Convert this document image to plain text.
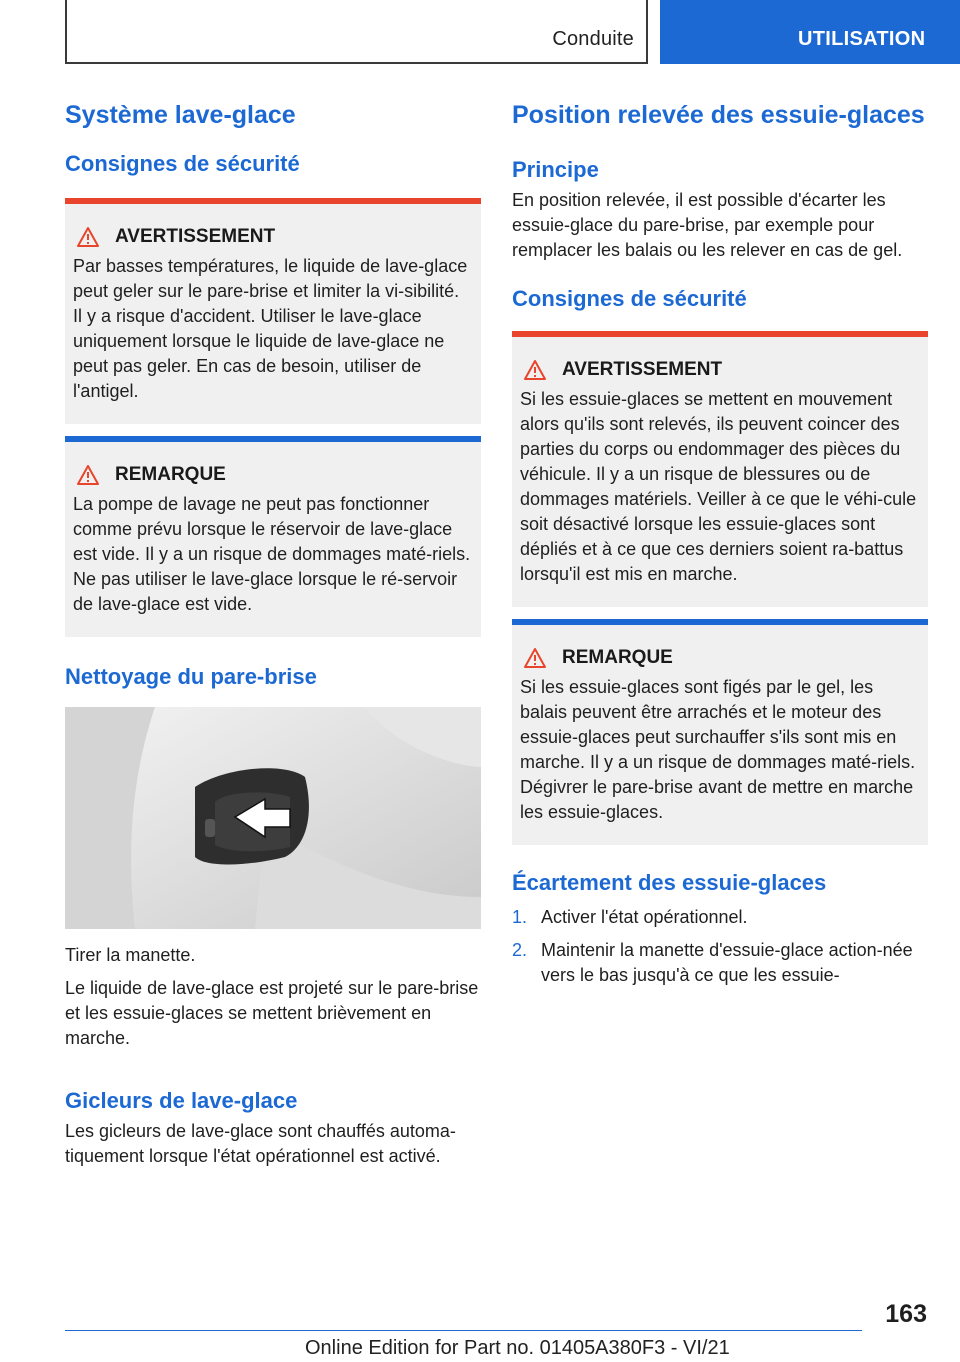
Conduite	UTILISATION
Système lave-glace
Consignes de sécurité
AVERTISSEMENT
Par basses températures, le liquide de lave-glace peut geler sur le pare-brise et limiter la vi-sibilité. Il y a risque d'accident. Utiliser le lave-glace uniquement lorsque le liquide de lave-glace ne peut pas geler. En cas de besoin, utiliser de l'antigel.
REMARQUE
La pompe de lavage ne peut pas fonctionner comme prévu lorsque le réservoir de lave-glace est vide. Il y a un risque de dommages maté-riels. Ne pas utiliser le lave-glace lorsque le ré-servoir de lave-glace est vide.
Nettoyage du pare-brise
Tirer la manette.
Le liquide de lave-glace est projeté sur le pare-brise et les essuie-glaces se mettent brièvement en marche.
Gicleurs de lave-glace
Les gicleurs de lave-glace sont chauffés automa-tiquement lorsque l'état opérationnel est activé.
Position relevée des essuie-glaces
Principe
En position relevée, il est possible d'écarter les essuie-glace du pare-brise, par exemple pour remplacer les balais ou les relever en cas de gel.
Consignes de sécurité
AVERTISSEMENT
Si les essuie-glaces se mettent en mouvement alors qu'ils sont relevés, ils peuvent coincer des parties du corps ou endommager des pièces du véhicule. Il y a un risque de blessures ou de dommages matériels. Veiller à ce que le véhi-cule soit désactivé lorsque les essuie-glaces sont dépliés et à ce que ces derniers soient ra-battus lorsqu'il est mis en marche.
REMARQUE
Si les essuie-glaces sont figés par le gel, les balais peuvent être arrachés et le moteur des essuie-glaces peut surchauffer s'ils sont mis en marche. Il y a un risque de dommages maté-riels. Dégivrer le pare-brise avant de mettre en marche les essuie-glaces.
Écartement des essuie-glaces
1. Activer l'état opérationnel.
2. Maintenir la manette d'essuie-glace action-née vers le bas jusqu'à ce que les essuie-
163
Online Edition for Part no. 01405A380F3 - VI/21
